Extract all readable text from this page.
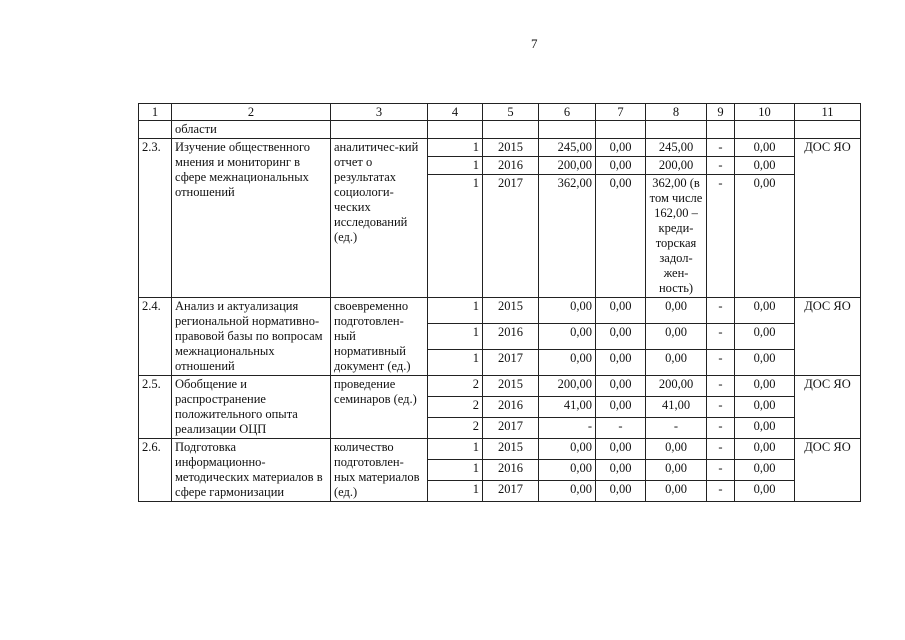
7
1	2	3	4	5	6	7	8	9	10	11
	области									
2.3.	Изучение общественного мнения и мониторинг в сфере межнациональных отношений	аналитичес-кий отчет о результатах социологи-ческих исследований (ед.)	1	2015	245,00	0,00	245,00	-	0,00	ДОС ЯО
			1	2016	200,00	0,00	200,00	-	0,00	
			1	2017	362,00	0,00	362,00 (в том числе 162,00 – креди-торская задол-жен-ность)	-	0,00	
2.4.	Анализ и актуализация региональной нормативно-правовой базы по вопросам межнациональных отношений	своевременно подготовлен-ный нормативный документ (ед.)	1	2015	0,00	0,00	0,00	-	0,00	ДОС ЯО
			1	2016	0,00	0,00	0,00	-	0,00	
			1	2017	0,00	0,00	0,00	-	0,00	
2.5.	Обобщение и распространение положительного опыта реализации ОЦП	проведение семинаров (ед.)	2	2015	200,00	0,00	200,00	-	0,00	ДОС ЯО
			2	2016	41,00	0,00	41,00	-	0,00	
			2	2017	-	-	-	-	0,00	
2.6.	Подготовка информационно-методических материалов в сфере гармонизации	количество подготовлен-ных материалов (ед.)	1	2015	0,00	0,00	0,00	-	0,00	ДОС ЯО
			1	2016	0,00	0,00	0,00	-	0,00	
			1	2017	0,00	0,00	0,00	-	0,00	
